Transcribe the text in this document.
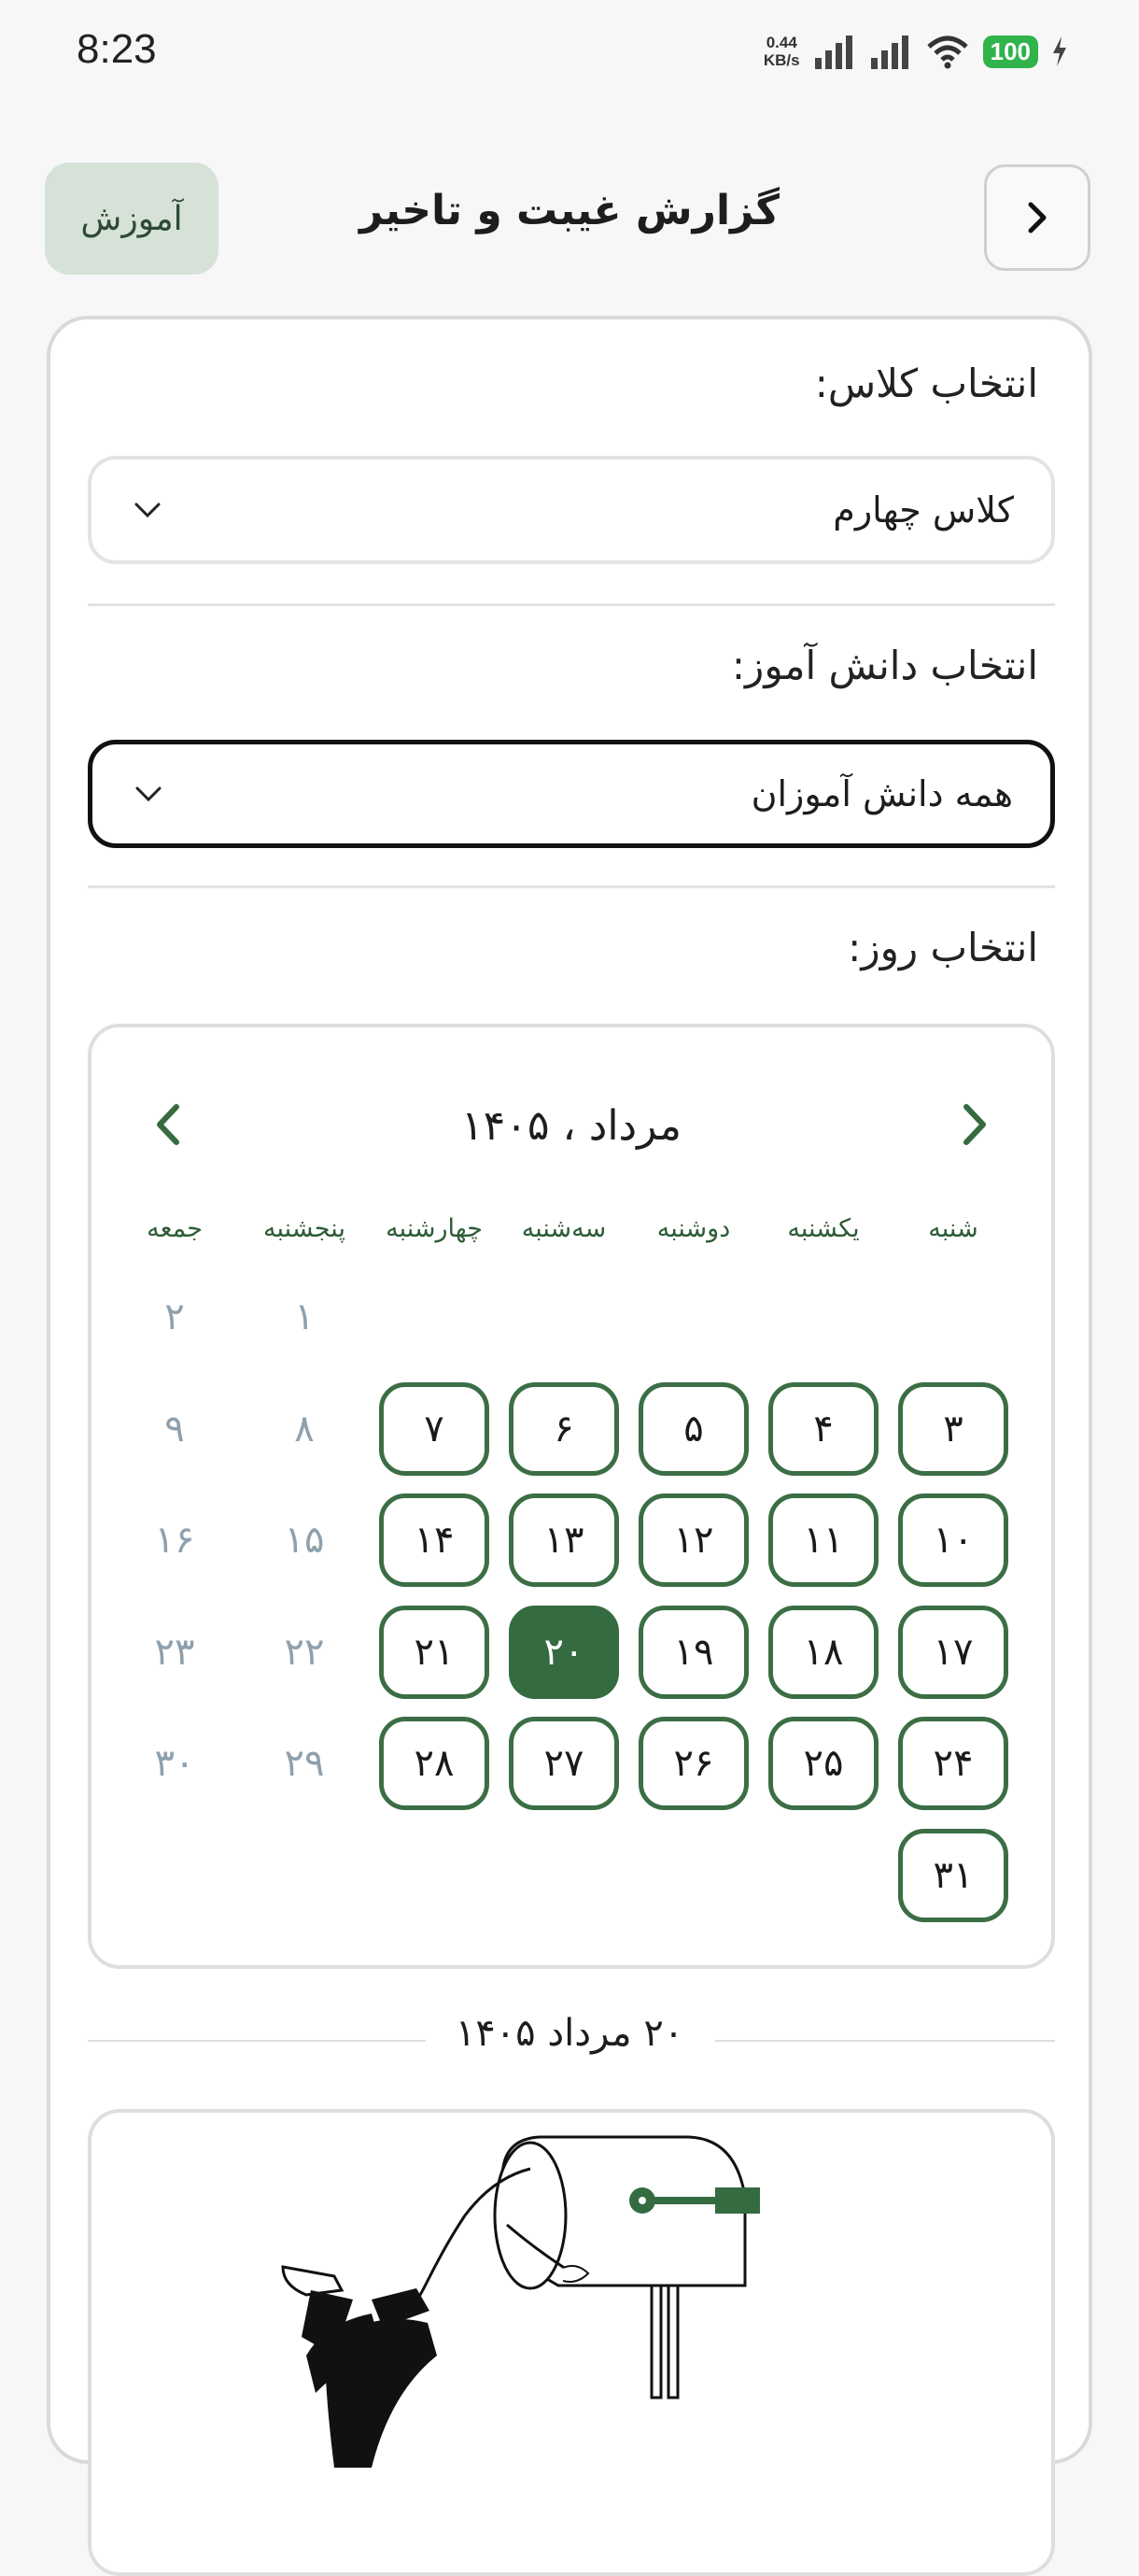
8:23	0.44
KB/s	100
گزارش غیبت و تاخیر
آموزش
انتخاب کلاس:
کلاس چهارم
انتخاب دانش آموز:
همه دانش آموزان
انتخاب روز:
مرداد ، ۱۴۰۵
شنبه
یکشنبه
دوشنبه
سه‌شنبه
چهارشنبه
پنجشنبه
جمعه
۱
۲
۳
۴
۵
۶
۷
۸
۹
۱۰
۱۱
۱۲
۱۳
۱۴
۱۵
۱۶
۱۷
۱۸
۱۹
۲۰
۲۱
۲۲
۲۳
۲۴
۲۵
۲۶
۲۷
۲۸
۲۹
۳۰
۳۱
۲۰ مرداد ۱۴۰۵
